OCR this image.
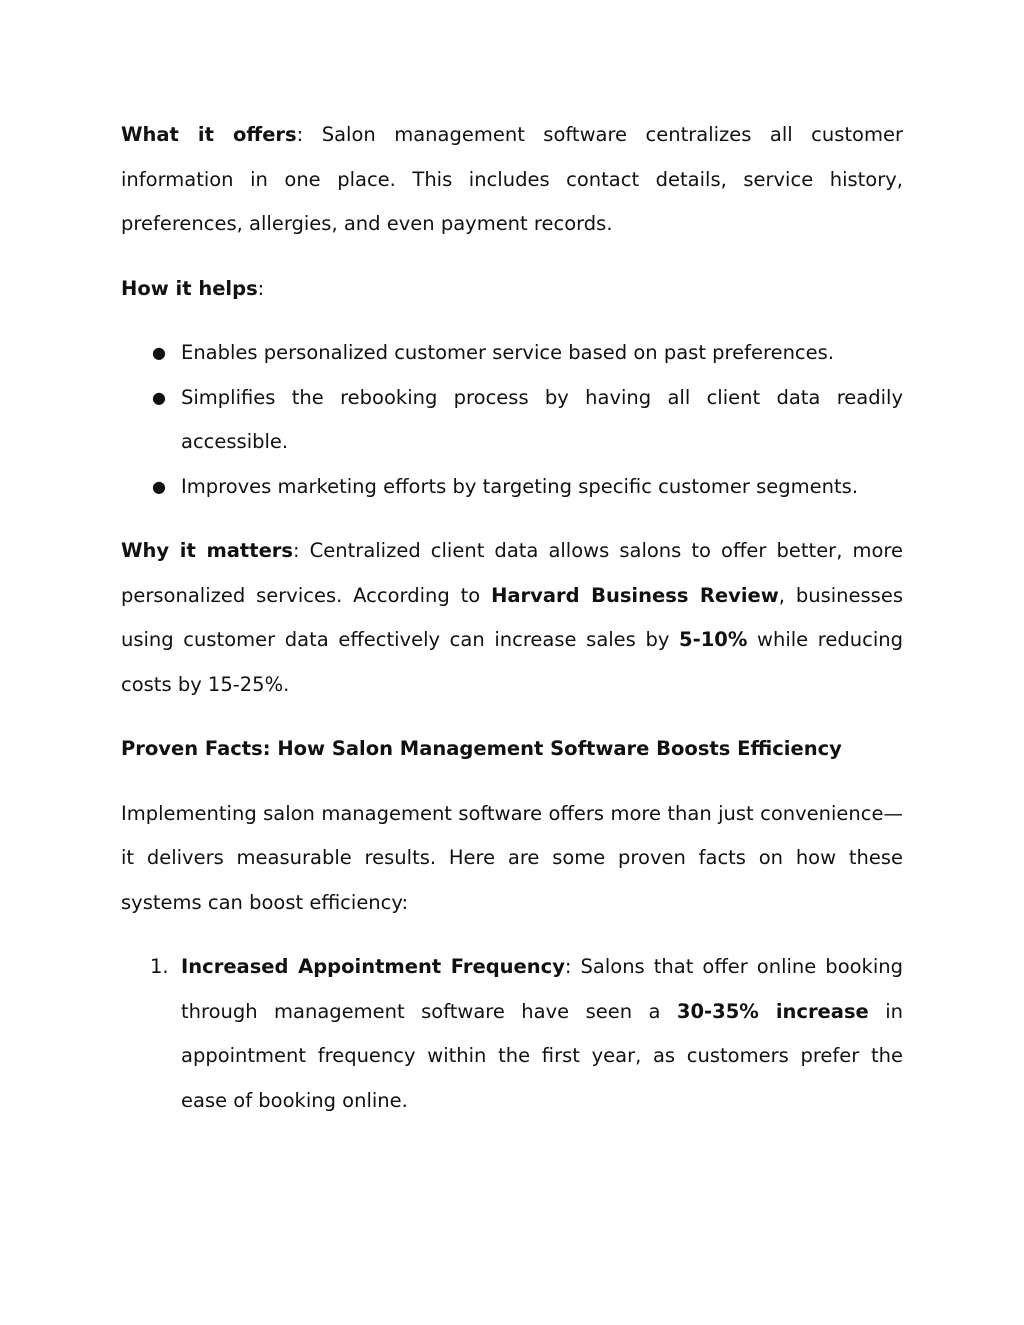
What it offers: Salon management software centralizes all customer information in one place. This includes contact details, service history, preferences, allergies, and even payment records.

How it helps:

● Enables personalized customer service based on past preferences.
● Simplifies the rebooking process by having all client data readily accessible.
● Improves marketing efforts by targeting specific customer segments.

Why it matters: Centralized client data allows salons to offer better, more personalized services. According to Harvard Business Review, businesses using customer data effectively can increase sales by 5-10% while reducing costs by 15-25%.

Proven Facts: How Salon Management Software Boosts Efficiency

Implementing salon management software offers more than just convenience—it delivers measurable results. Here are some proven facts on how these systems can boost efficiency:

1. Increased Appointment Frequency: Salons that offer online booking through management software have seen a 30-35% increase in appointment frequency within the first year, as customers prefer the ease of booking online.
